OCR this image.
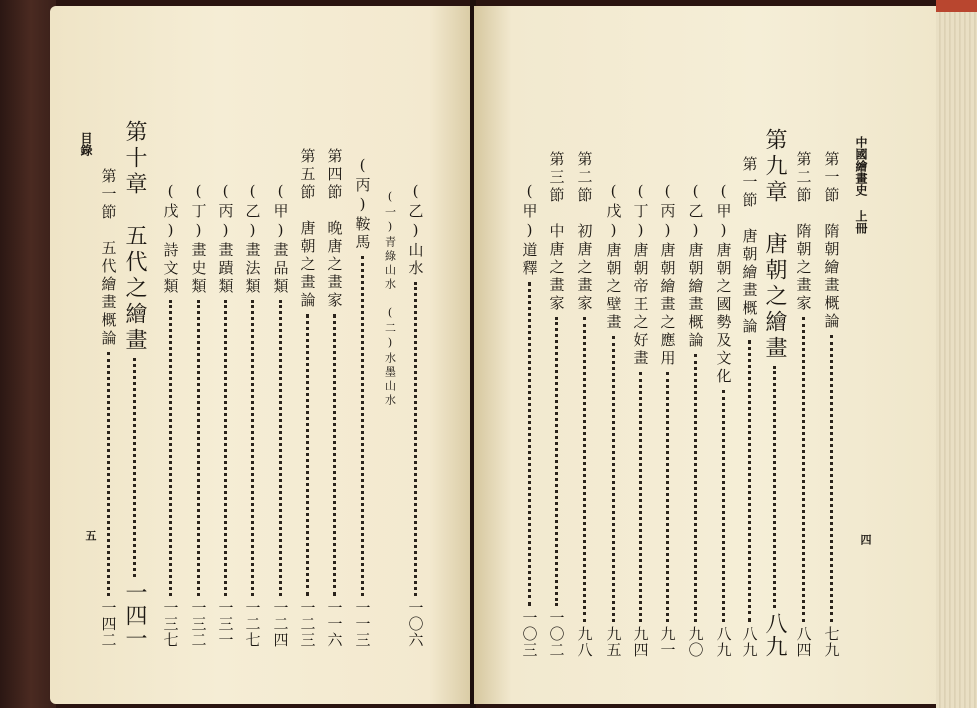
目錄
五
第一節　五代繪畫概論
一四二
第十章　五代之繪畫
一四一
(戊)詩文類
一三七
(丁)畫史類
一三二
(丙)畫蹟類
一三一
(乙)畫法類
一二七
(甲)畫品類
一二四
第五節　唐朝之畫論
一二三
第四節　晚唐之畫家
一一六
(丙)鞍馬
一一三
(一)青綠山水
(二)水墨山水
(乙)山水
一〇六
(甲)道釋
一〇三
第三節　中唐之畫家
一〇二
第二節　初唐之畫家
九八
(戊)唐朝之壁畫
九五
(丁)唐朝帝王之好畫
九四
(丙)唐朝繪畫之應用
九一
(乙)唐朝繪畫概論
九〇
(甲)唐朝之國勢及文化
八九
第一節　唐朝繪畫概論
八九
第九章　唐朝之繪畫
八九
第二節　隋朝之畫家
八四
第一節　隋朝繪畫概論
七九
中國繪畫史
上冊
四
